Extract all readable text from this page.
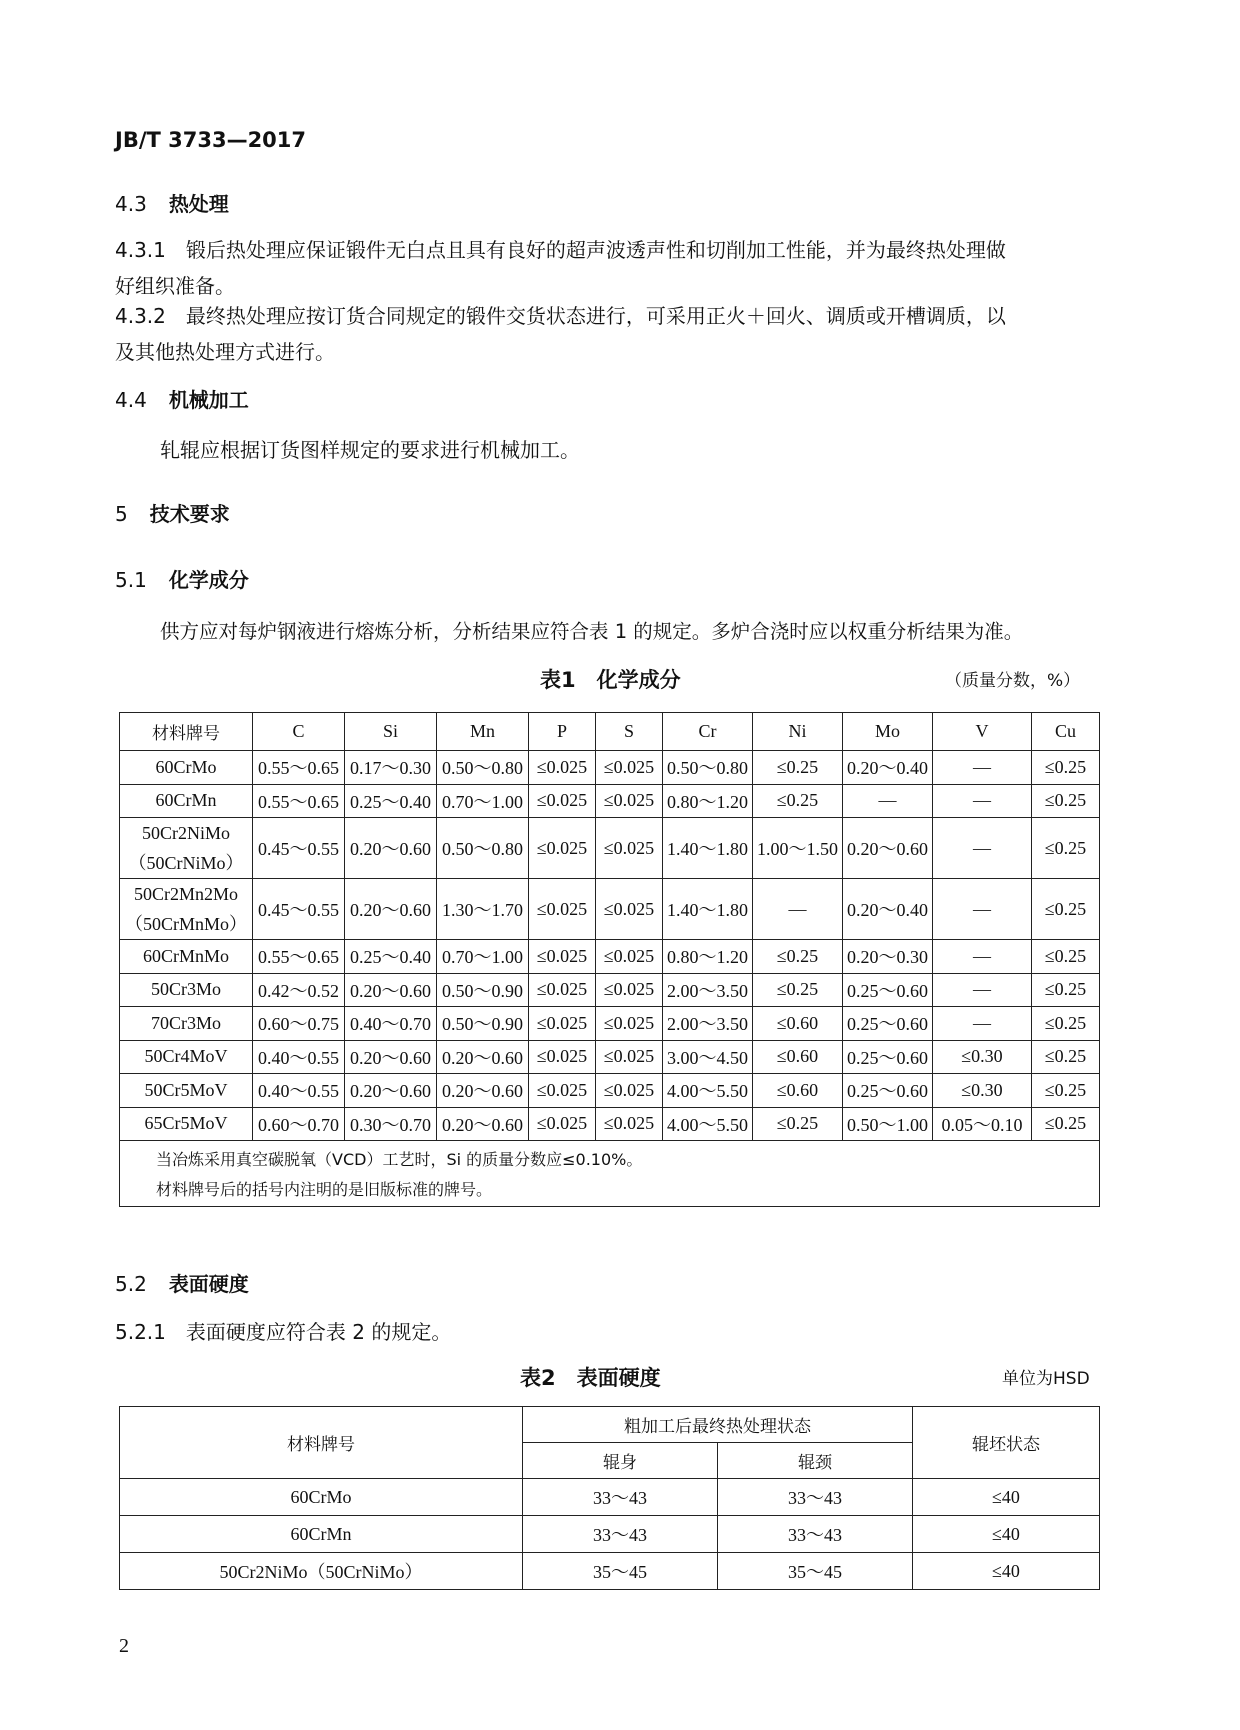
JB/T 3733—2017
4.3 热处理
4.3.1 锻后热处理应保证锻件无白点且具有良好的超声波透声性和切削加工性能，并为最终热处理做
好组织准备。
4.3.2 最终热处理应按订货合同规定的锻件交货状态进行，可采用正火＋回火、调质或开槽调质，以
及其他热处理方式进行。
4.4 机械加工
轧辊应根据订货图样规定的要求进行机械加工。
5 技术要求
5.1 化学成分
供方应对每炉钢液进行熔炼分析，分析结果应符合表 1 的规定。多炉合浇时应以权重分析结果为准。
表1　化学成分	（质量分数，%）
材料牌号	C	Si	Mn	P	S	Cr	Ni	Mo	V	Cu
60CrMo	0.55～0.65	0.17～0.30	0.50～0.80	≤0.025	≤0.025	0.50～0.80	≤0.25	0.20～0.40	—	≤0.25
60CrMn	0.55～0.65	0.25～0.40	0.70～1.00	≤0.025	≤0.025	0.80～1.20	≤0.25	—	—	≤0.25

50Cr2NiMo
（50CrNiMo）	0.45～0.55	0.20～0.60	0.50～0.80	≤0.025	≤0.025	1.40～1.80	1.00～1.50	0.20～0.60	—	≤0.25

50Cr2Mn2Mo
（50CrMnMo）	0.45～0.55	0.20～0.60	1.30～1.70	≤0.025	≤0.025	1.40～1.80	—	0.20～0.40	—	≤0.25
60CrMnMo	0.55～0.65	0.25～0.40	0.70～1.00	≤0.025	≤0.025	0.80～1.20	≤0.25	0.20～0.30	—	≤0.25
50Cr3Mo	0.42～0.52	0.20～0.60	0.50～0.90	≤0.025	≤0.025	2.00～3.50	≤0.25	0.25～0.60	—	≤0.25
70Cr3Mo	0.60～0.75	0.40～0.70	0.50～0.90	≤0.025	≤0.025	2.00～3.50	≤0.60	0.25～0.60	—	≤0.25
50Cr4MoV	0.40～0.55	0.20～0.60	0.20～0.60	≤0.025	≤0.025	3.00～4.50	≤0.60	0.25～0.60	≤0.30	≤0.25
50Cr5MoV	0.40～0.55	0.20～0.60	0.20～0.60	≤0.025	≤0.025	4.00～5.50	≤0.60	0.25～0.60	≤0.30	≤0.25
65Cr5MoV	0.60～0.70	0.30～0.70	0.20～0.60	≤0.025	≤0.025	4.00～5.50	≤0.25	0.50～1.00	0.05～0.10	≤0.25

当冶炼采用真空碳脱氧（VCD）工艺时，Si 的质量分数应≤0.10%。
材料牌号后的括号内注明的是旧版标准的牌号。										
5.2 表面硬度
5.2.1 表面硬度应符合表 2 的规定。
表2　表面硬度	单位为HSD
材料牌号	粗加工后最终热处理状态		辊坯状态
	辊身	辊颈	
60CrMo	33～43	33～43	≤40
60CrMn	33～43	33～43	≤40
50Cr2NiMo（50CrNiMo）	35～45	35～45	≤40
2
